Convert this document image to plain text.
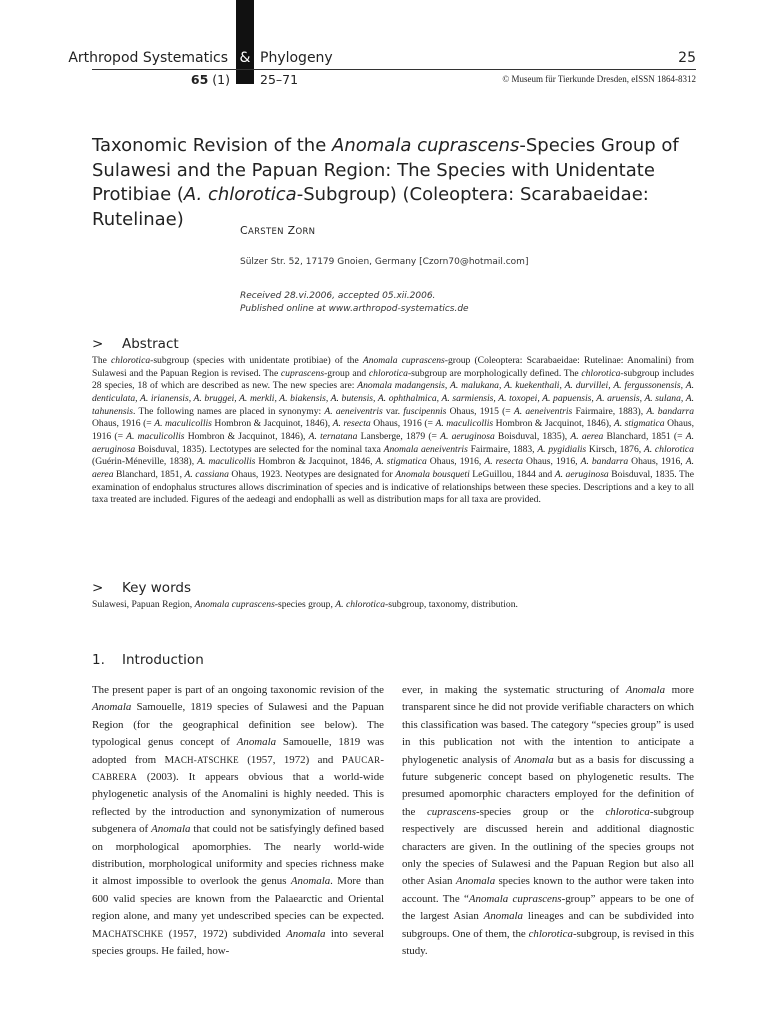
&
Arthropod Systematics Phylogeny	25
65 (1) 25–71	© Museum für Tierkunde Dresden, eISSN 1864-8312
Taxonomic Revision of the Anomala cuprascens-Species Group of Sulawesi and the Papuan Region: The Species with Unidentate Protibiae (A. chlorotica-Subgroup) (Coleoptera: Scarabaeidae: Rutelinae)
CARSTEN ZORN
Sülzer Str. 52, 17179 Gnoien, Germany [Czorn70@hotmail.com]
Received 28.vi.2006, accepted 05.xii.2006.
Published online at www.arthropod-systematics.de
> Abstract

The chlorotica-subgroup (species with unidentate protibiae) of the Anomala cuprascens-group (Coleoptera: Scarabaeidae: Rutelinae: Anomalini) from Sulawesi and the Papuan Region is revised. The cuprascens-group and chlorotica-subgroup are morphologically defined. The chlorotica-subgroup includes 28 species, 18 of which are described as new. The new species are: Anomala madangensis, A. malukana, A. kuekenthali, A. durvillei, A. fergussonensis, A. denticulata, A. irianensis, A. bruggei, A. merkli, A. biakensis, A. butensis, A. ophthalmica, A. sarmiensis, A. toxopei, A. papuensis, A. aruensis, A. sulana, A. tahunensis. The following names are placed in synonymy: A. aeneiventris var. fuscipennis Ohaus, 1915 (= A. aeneiventris Fairmaire, 1883), A. bandarra Ohaus, 1916 (= A. maculicollis Hombron & Jacquinot, 1846), A. resecta Ohaus, 1916 (= A. maculicollis Hombron & Jacquinot, 1846), A. stigmatica Ohaus, 1916 (= A. maculicollis Hombron & Jacquinot, 1846), A. ternatana Lansberge, 1879 (= A. aeruginosa Boisduval, 1835), A. aerea Blanchard, 1851 (= A. aeruginosa Boisduval, 1835). Lectotypes are selected for the nominal taxa Anomala aeneiventris Fairmaire, 1883, A. pygidialis Kirsch, 1876, A. chlorotica (Guérin-Méneville, 1838), A. maculicollis Hombron & Jacquinot, 1846, A. stigmatica Ohaus, 1916, A. resecta Ohaus, 1916, A. bandarra Ohaus, 1916, A. aerea Blanchard, 1851, A. cassiana Ohaus, 1923. Neotypes are designated for Anomala bousqueti LeGuillou, 1844 and A. aeruginosa Boisduval, 1835. The examination of endophalus structures allows discrimination of species and is indicative of relationships between these species. Descriptions and a key to all taxa treated are included. Figures of the aedeagi and endophalli as well as distribution maps for all taxa are provided.

> Key words

Sulawesi, Papuan Region, Anomala cuprascens-species group, A. chlorotica-subgroup, taxonomy, distribution.

1. Introduction

The present paper is part of an ongoing taxonomic revision of the Anomala Samouelle, 1819 species of Sulawesi and the Papuan Region (for the geographical definition see below). The typological genus concept of Anomala Samouelle, 1819 was adopted from MACH-ATSCHKE (1957, 1972) and PAUCAR-CABRERA (2003). It appears obvious that a world-wide phylogenetic analysis of the Anomalini is highly needed. This is reflected by the introduction and synonymization of numerous subgenera of Anomala that could not be satisfyingly defined based on morphological apomorphies. The nearly world-wide distribution, morphological uniformity and species richness make it almost impossible to overlook the genus Anomala. More than 600 valid species are known from the Palaearctic and Oriental region alone, and many yet undescribed species can be expected. MACHATSCHKE (1957, 1972) subdivided Anomala into several species groups. He failed, how-

ever, in making the systematic structuring of Anomala more transparent since he did not provide verifiable characters on which this classification was based. The category “species group” is used in this publication not with the intention to anticipate a phylogenetic analysis of Anomala but as a basis for discussing a future subgeneric concept based on phylogenetic results. The presumed apomorphic characters employed for the definition of the cuprascens-species group or the chlorotica-subgroup respectively are discussed herein and additional diagnostic characters are given. In the outlining of the species groups not only the species of Sulawesi and the Papuan Region but also all other Asian Anomala species known to the author were taken into account. The “Anomala cuprascens-group” appears to be one of the largest Asian Anomala lineages and can be subdivided into subgroups. One of them, the chlorotica-subgroup, is revised in this study.
